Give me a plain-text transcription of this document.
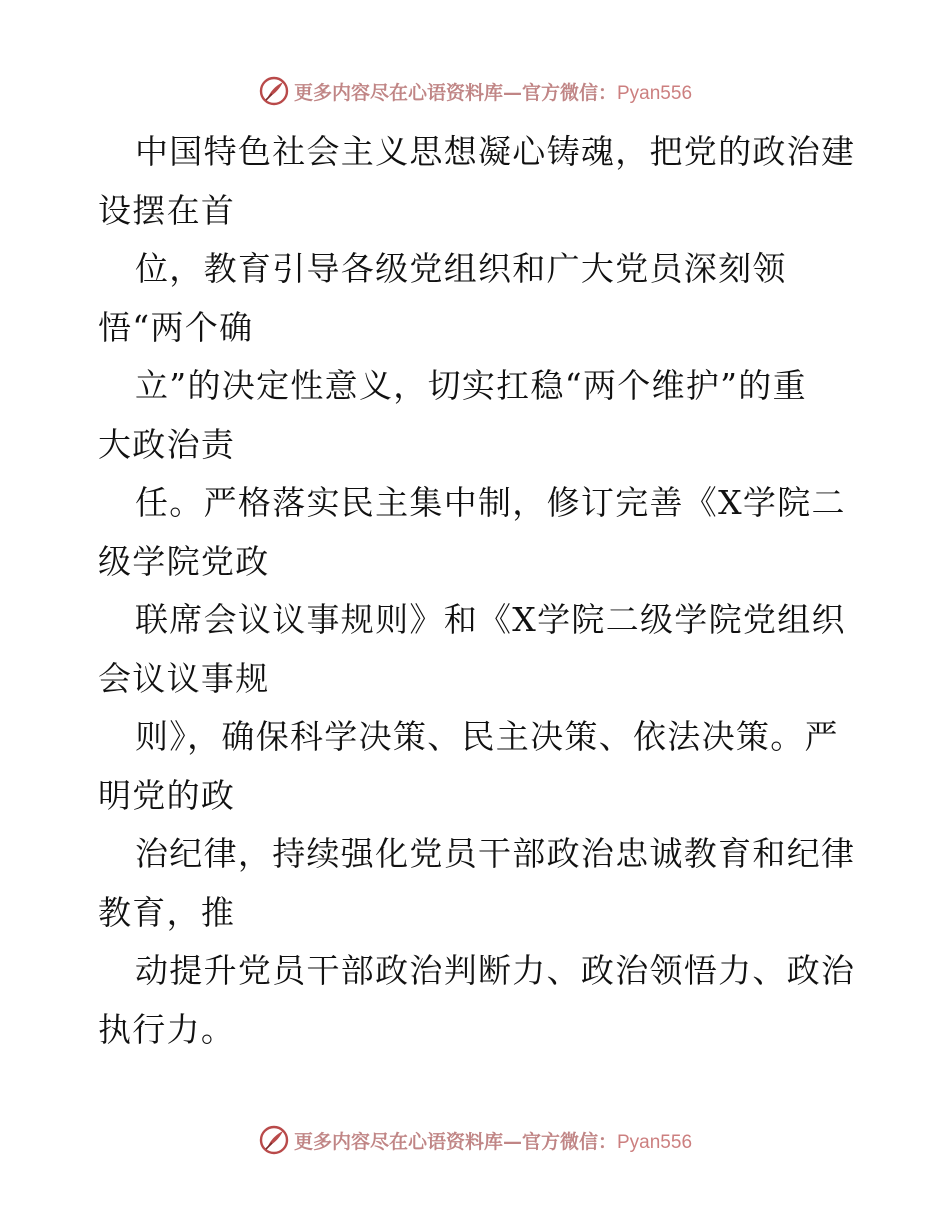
更多内容尽在心语资料库—官方微信：Pyan556
中国特色社会主义思想凝心铸魂，把党的政治建
设摆在首
位，教育引导各级党组织和广大党员深刻领
悟“两个确
立”的决定性意义，切实扛稳“两个维护”的重
大政治责
任。严格落实民主集中制，修订完善《X学院二
级学院党政
联席会议议事规则》和《X学院二级学院党组织
会议议事规
则》，确保科学决策、民主决策、依法决策。严
明党的政
治纪律，持续强化党员干部政治忠诚教育和纪律
教育，推
动提升党员干部政治判断力、政治领悟力、政治
执行力。
更多内容尽在心语资料库—官方微信：Pyan556
